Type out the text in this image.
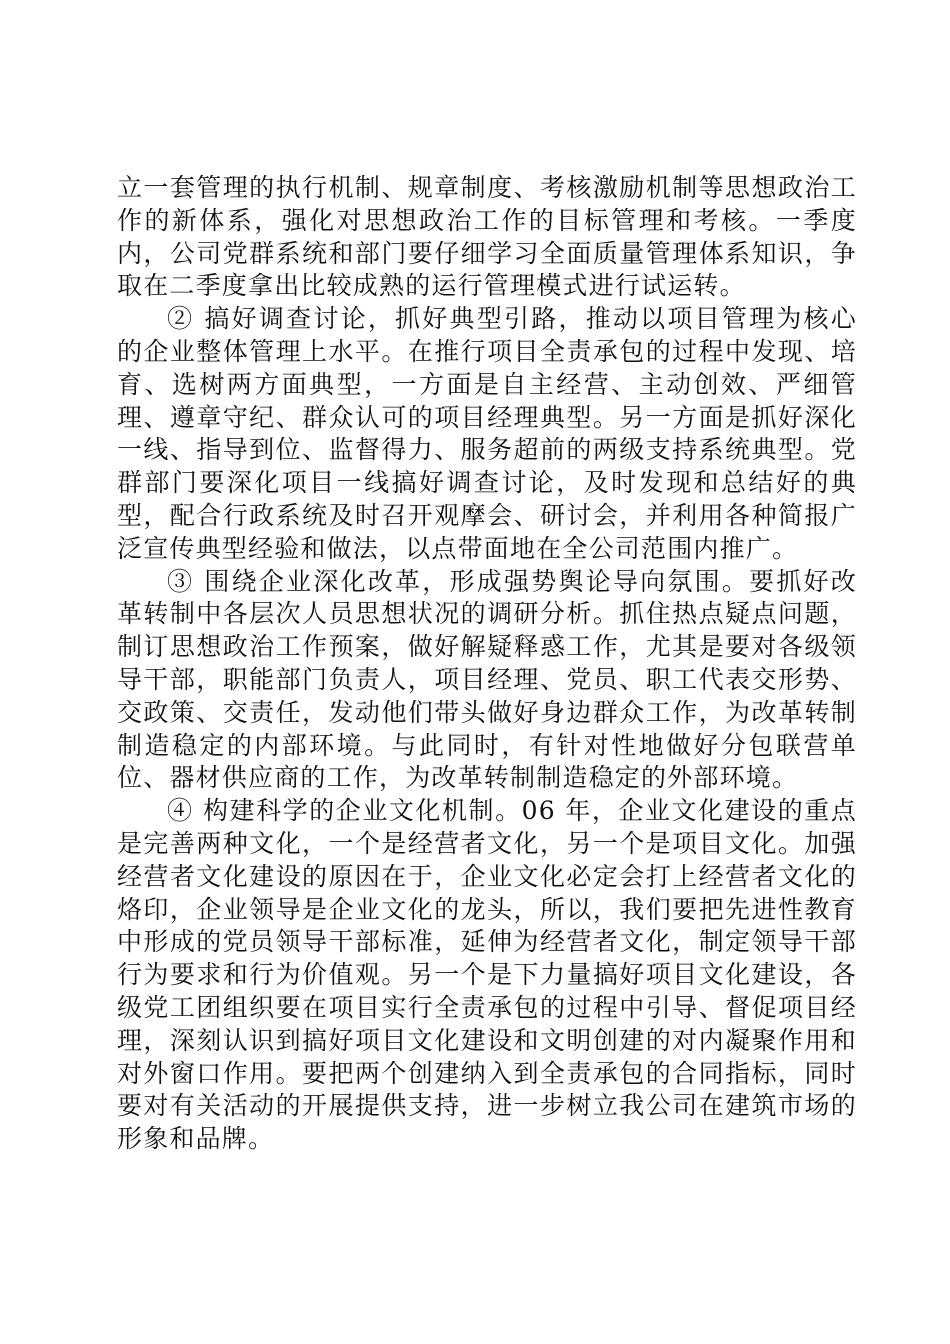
立一套管理的执行机制、规章制度、考核激励机制等思想政治工作的新体系，强化对思想政治工作的目标管理和考核。一季度内，公司党群系统和部门要仔细学习全面质量管理体系知识，争取在二季度拿出比较成熟的运行管理模式进行试运转。

② 搞好调查讨论，抓好典型引路，推动以项目管理为核心的企业整体管理上水平。在推行项目全责承包的过程中发现、培育、选树两方面典型，一方面是自主经营、主动创效、严细管理、遵章守纪、群众认可的项目经理典型。另一方面是抓好深化一线、指导到位、监督得力、服务超前的两级支持系统典型。党群部门要深化项目一线搞好调查讨论，及时发现和总结好的典型，配合行政系统及时召开观摩会、研讨会，并利用各种简报广泛宣传典型经验和做法，以点带面地在全公司范围内推广。

③ 围绕企业深化改革，形成强势舆论导向氛围。要抓好改革转制中各层次人员思想状况的调研分析。抓住热点疑点问题，制订思想政治工作预案，做好解疑释惑工作，尤其是要对各级领导干部，职能部门负责人，项目经理、党员、职工代表交形势、交政策、交责任，发动他们带头做好身边群众工作，为改革转制制造稳定的内部环境。与此同时，有针对性地做好分包联营单位、器材供应商的工作，为改革转制制造稳定的外部环境。

④ 构建科学的企业文化机制。06 年，企业文化建设的重点是完善两种文化，一个是经营者文化，另一个是项目文化。加强经营者文化建设的原因在于，企业文化必定会打上经营者文化的烙印，企业领导是企业文化的龙头，所以，我们要把先进性教育中形成的党员领导干部标准，延伸为经营者文化，制定领导干部行为要求和行为价值观。另一个是下力量搞好项目文化建设，各级党工团组织要在项目实行全责承包的过程中引导、督促项目经理，深刻认识到搞好项目文化建设和文明创建的对内凝聚作用和对外窗口作用。要把两个创建纳入到全责承包的合同指标，同时要对有关活动的开展提供支持，进一步树立我公司在建筑市场的形象和品牌。
